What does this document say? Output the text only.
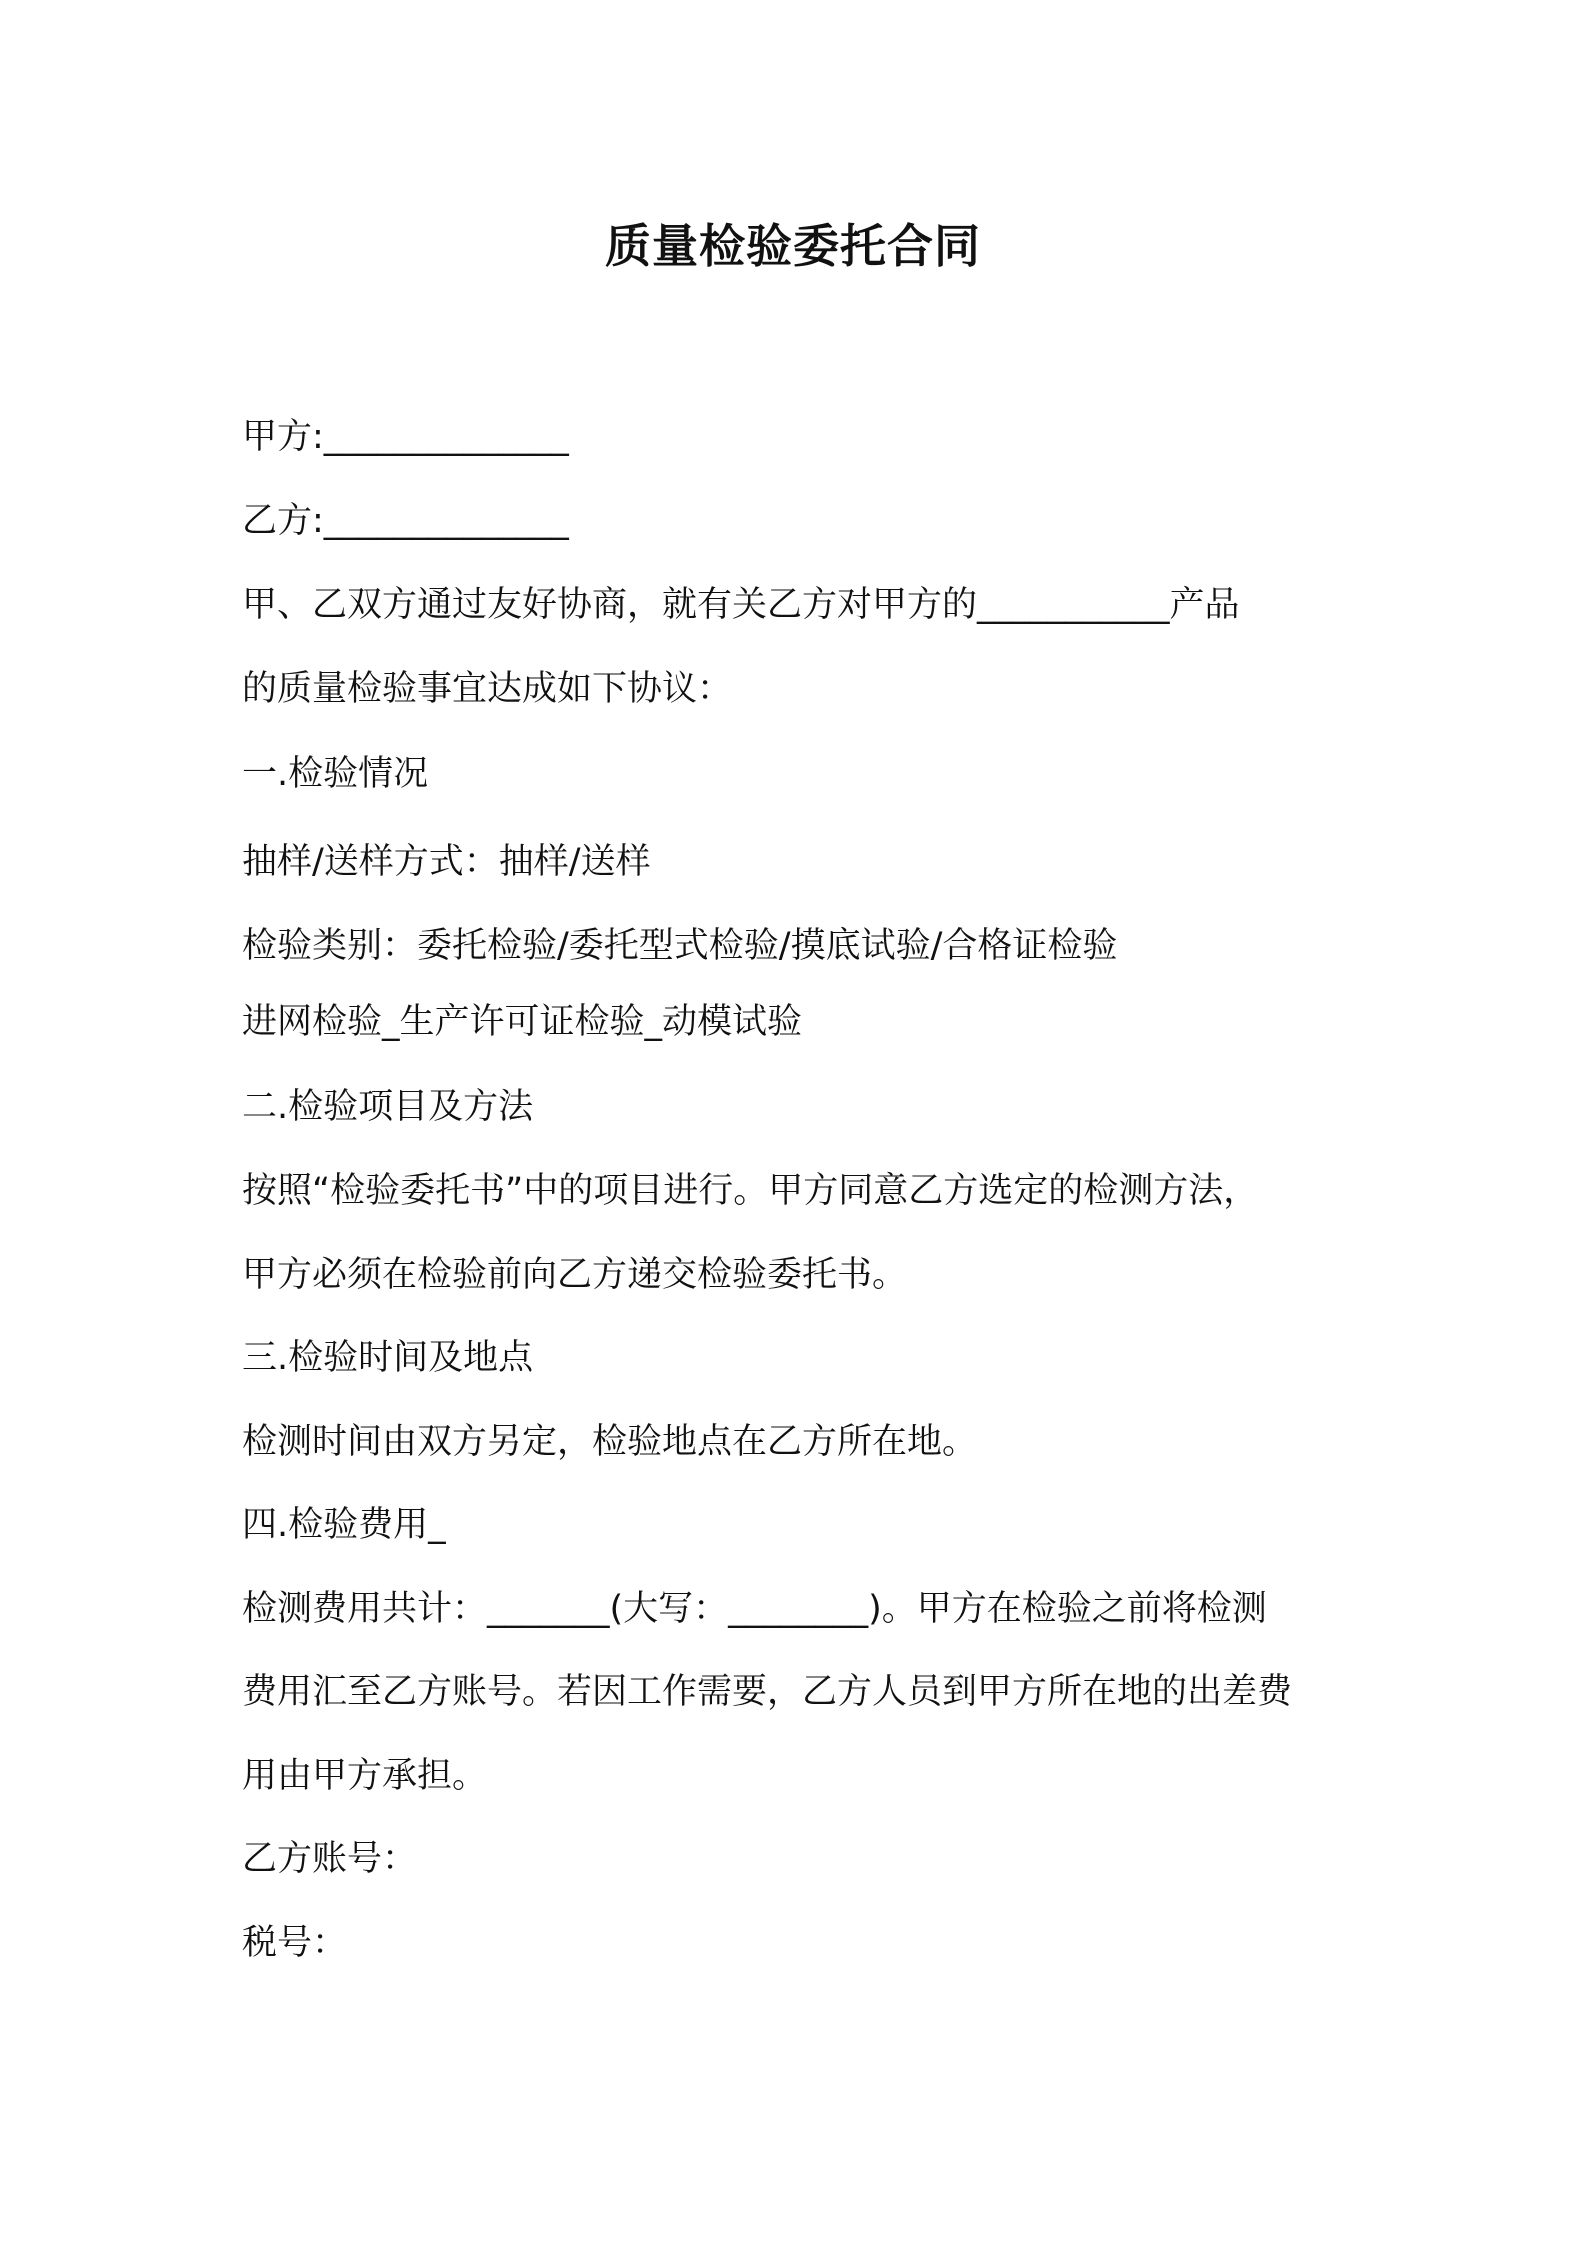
质量检验委托合同
甲方:______________
乙方:______________
甲、乙双方通过友好协商，就有关乙方对甲方的___________产品
的质量检验事宜达成如下协议：
一.检验情况
抽样/送样方式：抽样/送样
检验类别：委托检验/委托型式检验/摸底试验/合格证检验
进网检验_生产许可证检验_动模试验
二.检验项目及方法
按照“检验委托书”中的项目进行。甲方同意乙方选定的检测方法，
甲方必须在检验前向乙方递交检验委托书。
三.检验时间及地点
检测时间由双方另定，检验地点在乙方所在地。
四.检验费用_
检测费用共计：_______(大写：________)。甲方在检验之前将检测
费用汇至乙方账号。若因工作需要，乙方人员到甲方所在地的出差费
用由甲方承担。
乙方账号：
税号：
